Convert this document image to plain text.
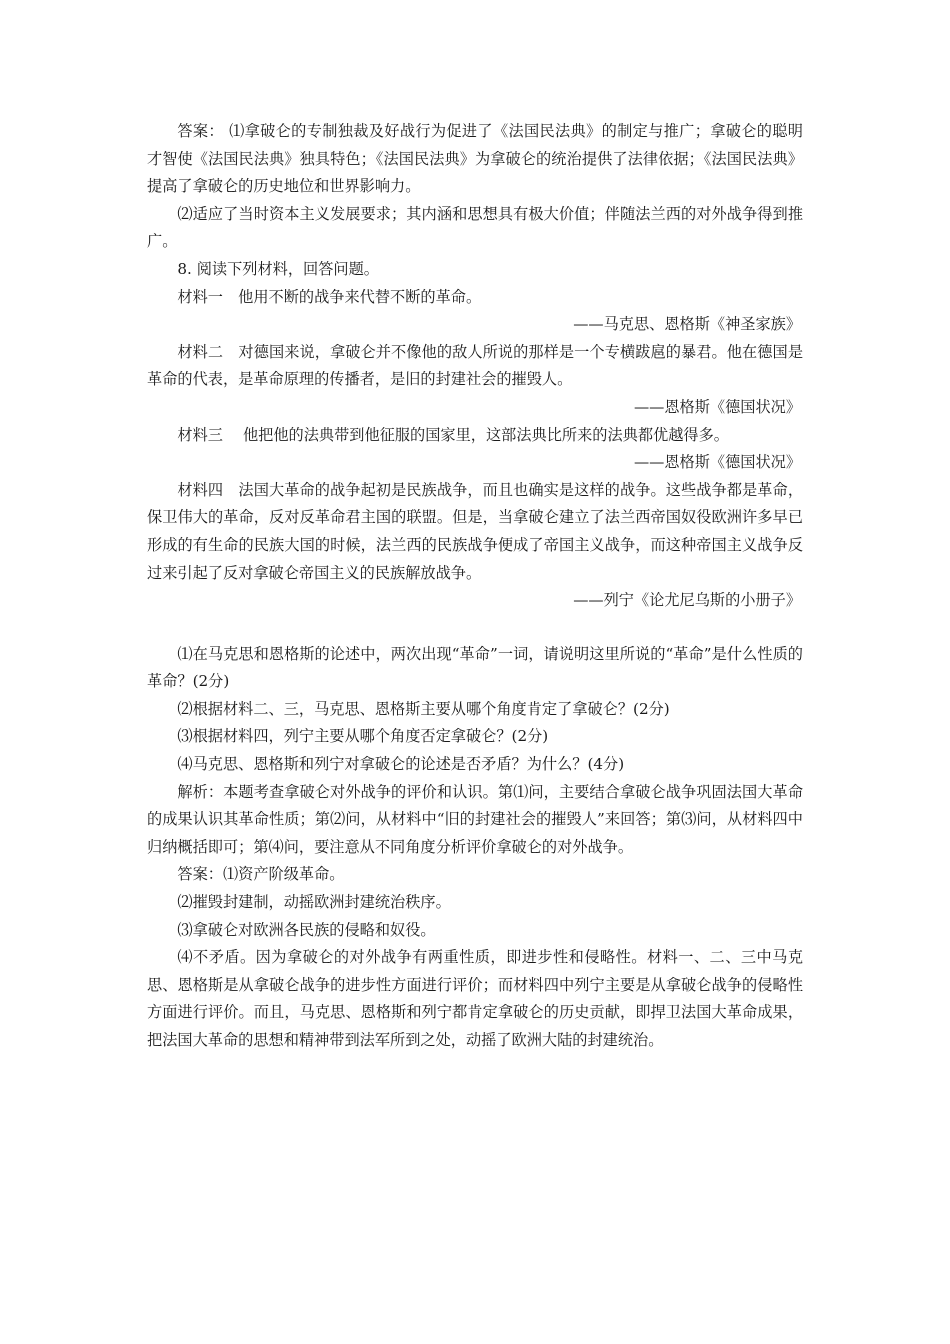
答案： ⑴拿破仑的专制独裁及好战行为促进了《法国民法典》的制定与推广；拿破仑的聪明才智使《法国民法典》独具特色；《法国民法典》为拿破仑的统治提供了法律依据；《法国民法典》提高了拿破仑的历史地位和世界影响力。

⑵适应了当时资本主义发展要求；其内涵和思想具有极大价值；伴随法兰西的对外战争得到推广。

8. 阅读下列材料，回答问题。

材料一　他用不断的战争来代替不断的革命。

——马克思、恩格斯《神圣家族》

材料二　对德国来说，拿破仑并不像他的敌人所说的那样是一个专横跋扈的暴君。他在德国是革命的代表，是革命原理的传播者，是旧的封建社会的摧毁人。

——恩格斯《德国状况》

材料三　 他把他的法典带到他征服的国家里，这部法典比所来的法典都优越得多。

——恩格斯《德国状况》

材料四　法国大革命的战争起初是民族战争，而且也确实是这样的战争。这些战争都是革命，保卫伟大的革命，反对反革命君主国的联盟。但是，当拿破仑建立了法兰西帝国奴役欧洲许多早已形成的有生命的民族大国的时候，法兰西的民族战争便成了帝国主义战争，而这种帝国主义战争反过来引起了反对拿破仑帝国主义的民族解放战争。

——列宁《论尤尼乌斯的小册子》

⑴在马克思和恩格斯的论述中，两次出现“革命”一词，请说明这里所说的“革命”是什么性质的革命？(2分)

⑵根据材料二、三，马克思、恩格斯主要从哪个角度肯定了拿破仑？(2分)

⑶根据材料四，列宁主要从哪个角度否定拿破仑？(2分)

⑷马克思、恩格斯和列宁对拿破仑的论述是否矛盾？为什么？(4分)

解析：本题考查拿破仑对外战争的评价和认识。第⑴问，主要结合拿破仑战争巩固法国大革命的成果认识其革命性质；第⑵问，从材料中“旧的封建社会的摧毁人”来回答；第⑶问，从材料四中归纳概括即可；第⑷问，要注意从不同角度分析评价拿破仑的对外战争。

答案：⑴资产阶级革命。

⑵摧毁封建制，动摇欧洲封建统治秩序。

⑶拿破仑对欧洲各民族的侵略和奴役。

⑷不矛盾。因为拿破仑的对外战争有两重性质，即进步性和侵略性。材料一、二、三中马克思、恩格斯是从拿破仑战争的进步性方面进行评价；而材料四中列宁主要是从拿破仑战争的侵略性方面进行评价。而且，马克思、恩格斯和列宁都肯定拿破仑的历史贡献，即捍卫法国大革命成果，把法国大革命的思想和精神带到法军所到之处，动摇了欧洲大陆的封建统治。
